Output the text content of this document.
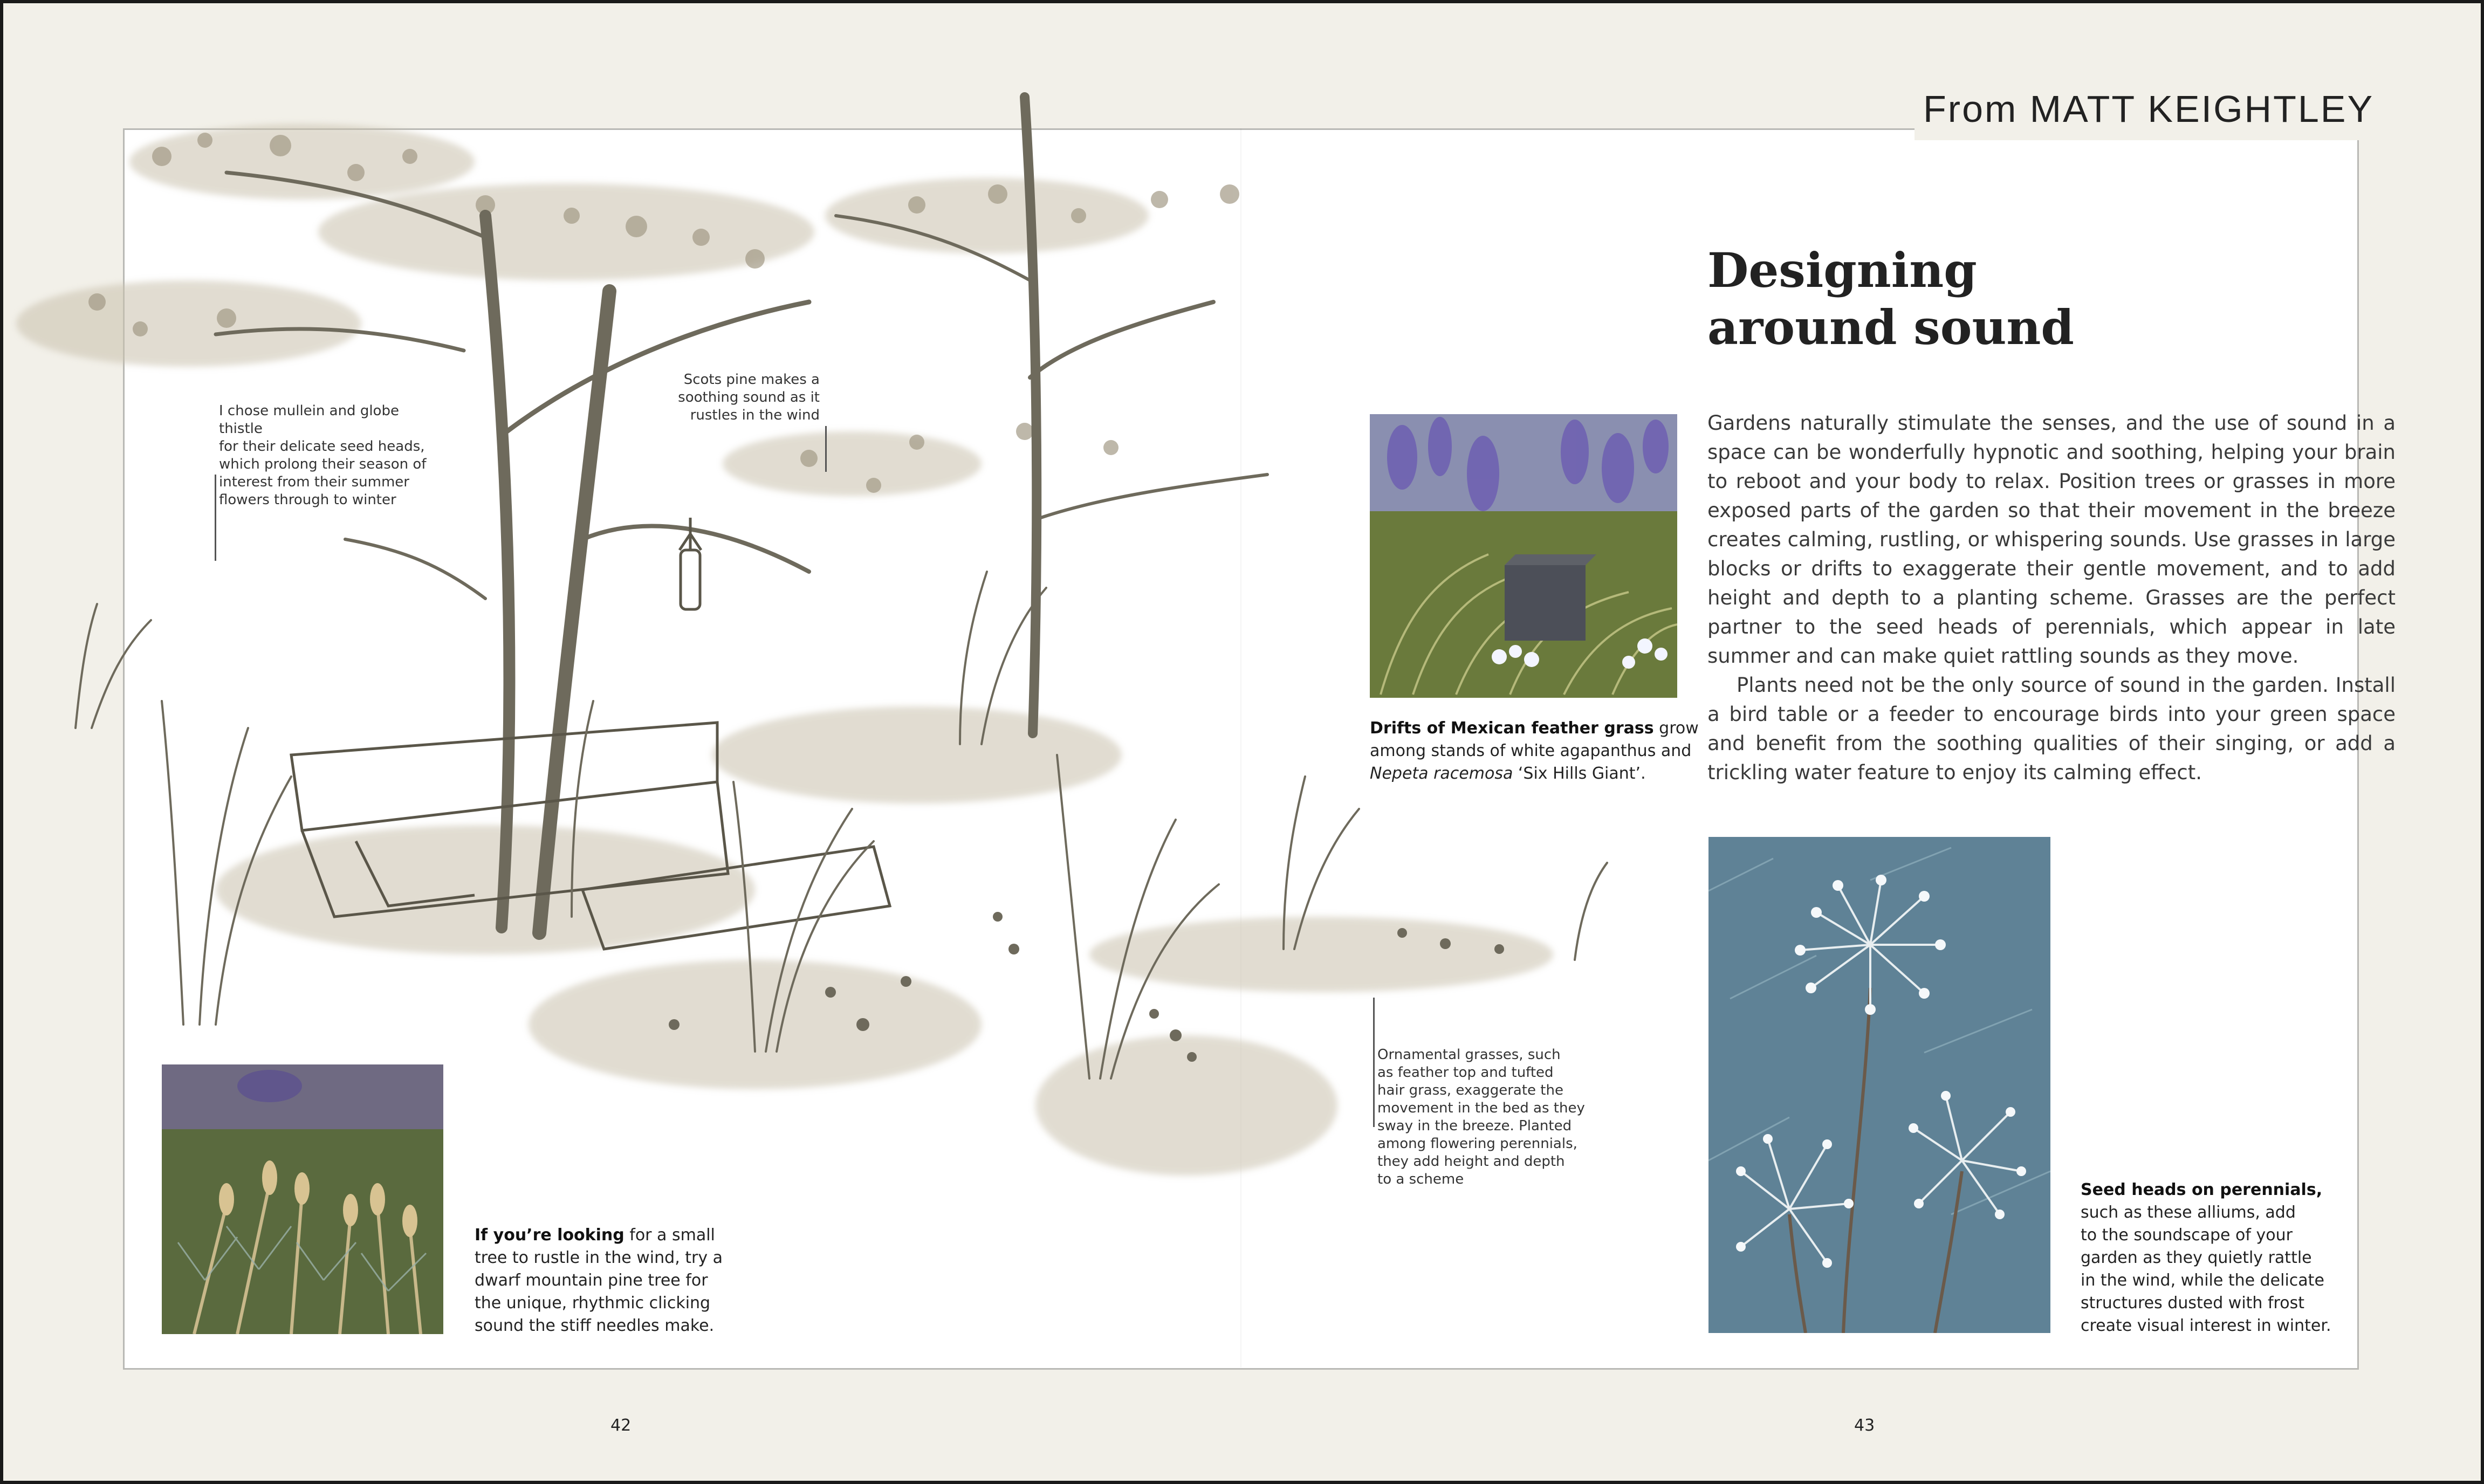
From MATT KEIGHTLEY
I chose mullein and globe thistle
for their delicate seed heads,
which prolong their season of
interest from their summer
flowers through to winter
Scots pine makes a
soothing sound as it
rustles in the wind
Ornamental grasses, such
as feather top and tufted
hair grass, exaggerate the
movement in the bed as they
sway in the breeze. Planted
among flowering perennials,
they add height and depth
to a scheme
Designing
around sound

Gardens naturally stimulate the senses, and the use of sound in a space can be wonderfully hypnotic and soothing, helping your brain to reboot and your body to relax. Position trees or grasses in more exposed parts of the garden so that their movement in the breeze creates calming, rustling, or whispering sounds. Use grasses in large blocks or drifts to exaggerate their gentle movement, and to add height and depth to a planting scheme. Grasses are the perfect partner to the seed heads of perennials, which appear in late summer and can make quiet rattling sounds as they move.

Plants need not be the only source of sound in the garden. Install a bird table or a feeder to encourage birds into your green space and benefit from the soothing qualities of their singing, or add a trickling water feature to enjoy its calming effect.

Drifts of Mexican feather grass grow
among stands of white agapanthus and
Nepeta racemosa ‘Six Hills Giant’.
If you’re looking for a small
tree to rustle in the wind, try a
dwarf mountain pine tree for
the unique, rhythmic clicking
sound the stiff needles make.
Seed heads on perennials,
such as these alliums, add
to the soundscape of your
garden as they quietly rattle
in the wind, while the delicate
structures dusted with frost
create visual interest in winter.
42	43
